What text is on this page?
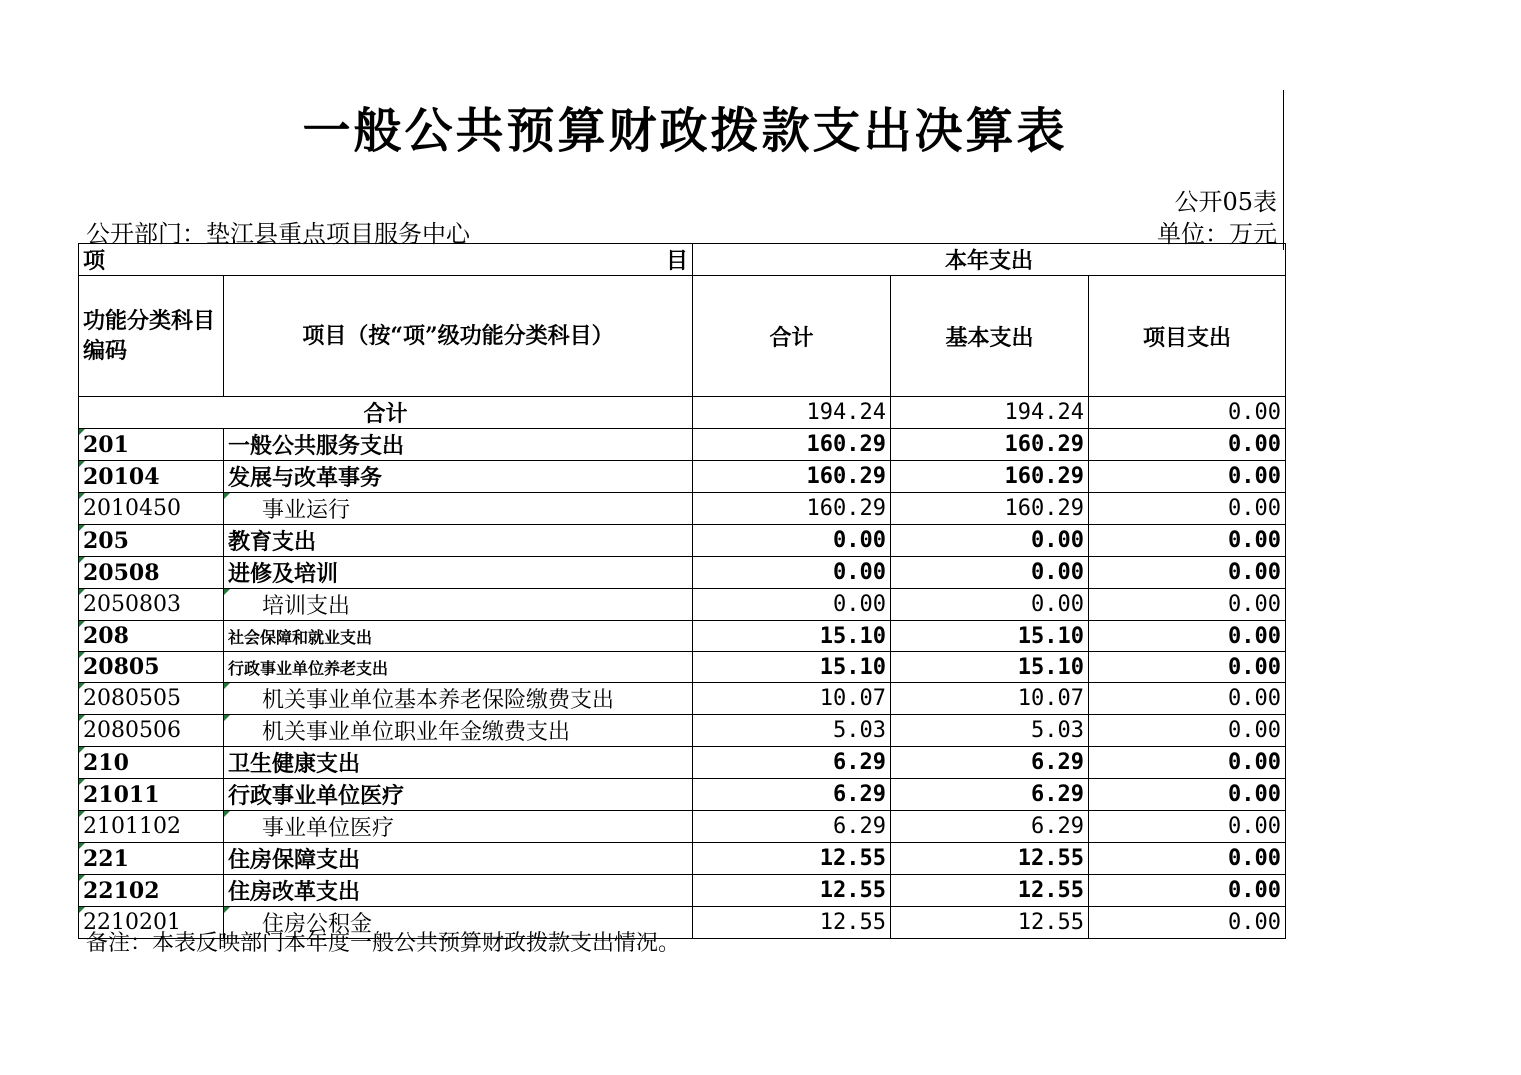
一般公共预算财政拨款支出决算表
公开05表
公开部门：垫江县重点项目服务中心	单位：万元
项 目		本年支出		
功能分类科目编码	项目（按“项”级功能分类科目）	合计	基本支出	项目支出
合计		194.24	194.24	0.00

201	一般公共服务支出	160.29	160.29	0.00

20104	发展与改革事务	160.29	160.29	0.00

2010450	事业运行	160.29	160.29	0.00

205	教育支出	0.00	0.00	0.00

20508	进修及培训	0.00	0.00	0.00

2050803	培训支出	0.00	0.00	0.00

208	社会保障和就业支出	15.10	15.10	0.00

20805	行政事业单位养老支出	15.10	15.10	0.00

2080505	机关事业单位基本养老保险缴费支出	10.07	10.07	0.00

2080506	机关事业单位职业年金缴费支出	5.03	5.03	0.00

210	卫生健康支出	6.29	6.29	0.00

21011	行政事业单位医疗	6.29	6.29	0.00

2101102	事业单位医疗	6.29	6.29	0.00

221	住房保障支出	12.55	12.55	0.00

22102	住房改革支出	12.55	12.55	0.00

2210201	住房公积金	12.55	12.55	0.00
备注：本表反映部门本年度一般公共预算财政拨款支出情况。
